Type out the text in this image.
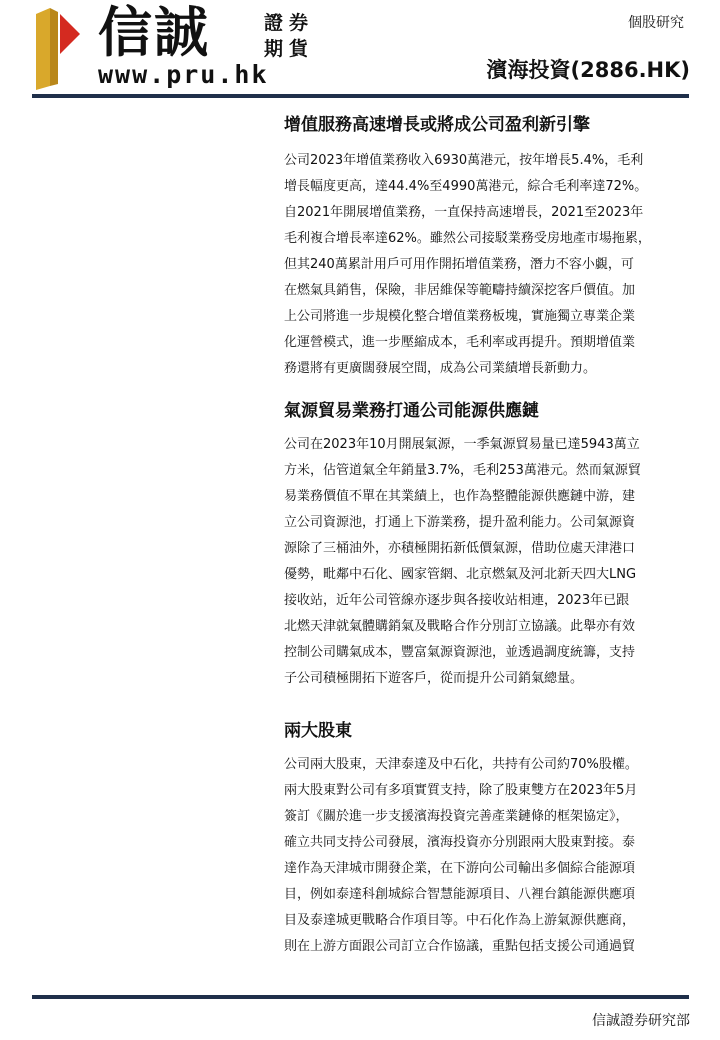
信誠	證券
期貨
www.pru.hk
個股研究
濱海投資(2886.HK)
增值服務高速增長或將成公司盈利新引擎
公司2023年增值業務收入6930萬港元，按年增長5.4%，毛利
增長幅度更高，達44.4%至4990萬港元，綜合毛利率達72%。
自2021年開展增值業務，一直保持高速增長，2021至2023年
毛利複合增長率達62%。雖然公司接駁業務受房地產市場拖累，
但其240萬累計用戶可用作開拓增值業務，潛力不容小覷，可
在燃氣具銷售，保險，非居維保等範疇持續深挖客戶價值。加
上公司將進一步規模化整合增值業務板塊，實施獨立專業企業
化運營模式，進一步壓縮成本，毛利率或再提升。預期增值業
務還將有更廣闊發展空間，成為公司業績增長新動力。
氣源貿易業務打通公司能源供應鏈
公司在2023年10月開展氣源，一季氣源貿易量已達5943萬立
方米，佔管道氣全年銷量3.7%，毛利253萬港元。然而氣源貿
易業務價值不單在其業績上，也作為整體能源供應鏈中游，建
立公司資源池，打通上下游業務，提升盈利能力。公司氣源資
源除了三桶油外，亦積極開拓新低價氣源，借助位處天津港口
優勢，毗鄰中石化、國家管網、北京燃氣及河北新天四大LNG
接收站，近年公司管線亦逐步與各接收站相連，2023年已跟
北燃天津就氣體購銷氣及戰略合作分別訂立協議。此舉亦有效
控制公司購氣成本，豐富氣源資源池，並透過調度統籌，支持
子公司積極開拓下遊客戶，從而提升公司銷氣總量。
兩大股東
公司兩大股東，天津泰達及中石化，共持有公司約70%股權。
兩大股東對公司有多項實質支持，除了股東雙方在2023年5月
簽訂《關於進一步支援濱海投資完善產業鏈條的框架協定》，
確立共同支持公司發展，濱海投資亦分別跟兩大股東對接。泰
達作為天津城市開發企業，在下游向公司輸出多個綜合能源項
目，例如泰達科創城綜合智慧能源項目、八裡台鎮能源供應項
目及泰達城更戰略合作項目等。中石化作為上游氣源供應商，
則在上游方面跟公司訂立合作協議，重點包括支援公司通過貿
信誠證券研究部
